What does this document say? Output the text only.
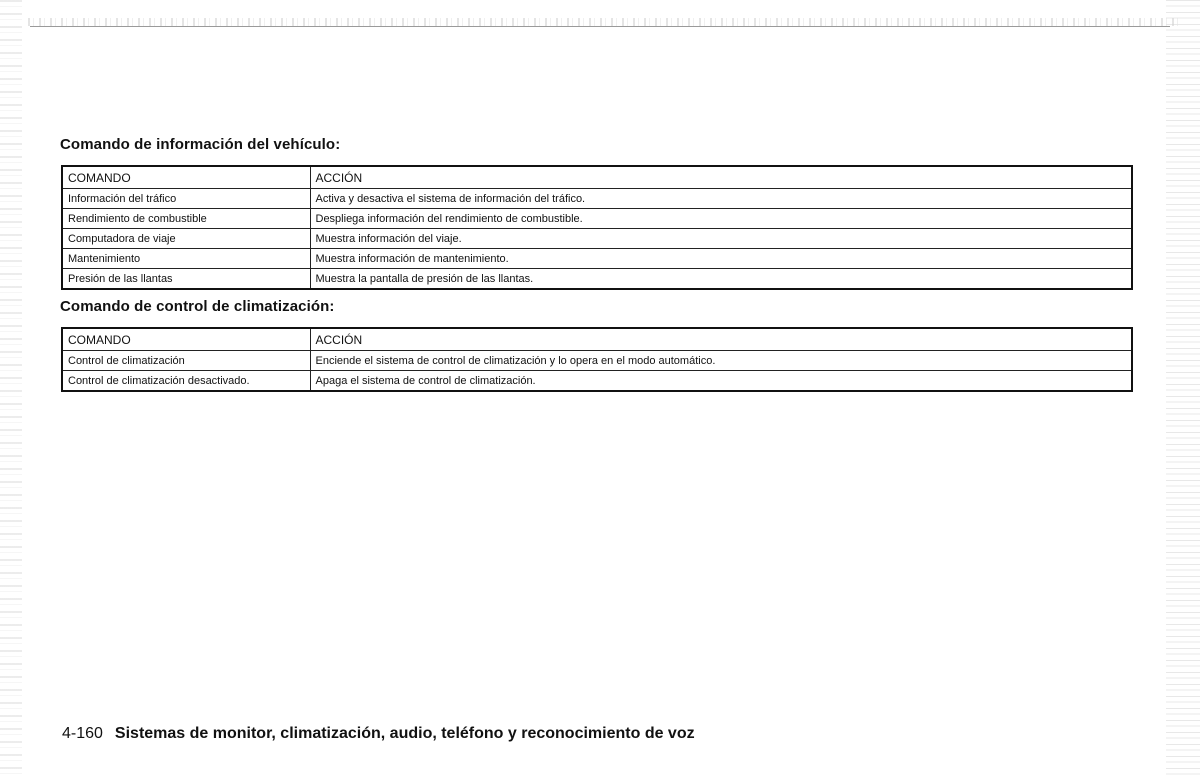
Comando de información del vehículo:
COMANDO	ACCIÓN
Información del tráfico	Activa y desactiva el sistema de información del tráfico.
Rendimiento de combustible	Despliega información del rendimiento de combustible.
Computadora de viaje	Muestra información del viaje.
Mantenimiento	Muestra información de mantenimiento.
Presión de las llantas	Muestra la pantalla de presión de las llantas.
Comando de control de climatización:
COMANDO	ACCIÓN
Control de climatización	Enciende el sistema de control de climatización y lo opera en el modo automático.
Control de climatización desactivado.	Apaga el sistema de control de climatización.

4-160 Sistemas de monitor, climatización, audio, teléfono y reconocimiento de voz
